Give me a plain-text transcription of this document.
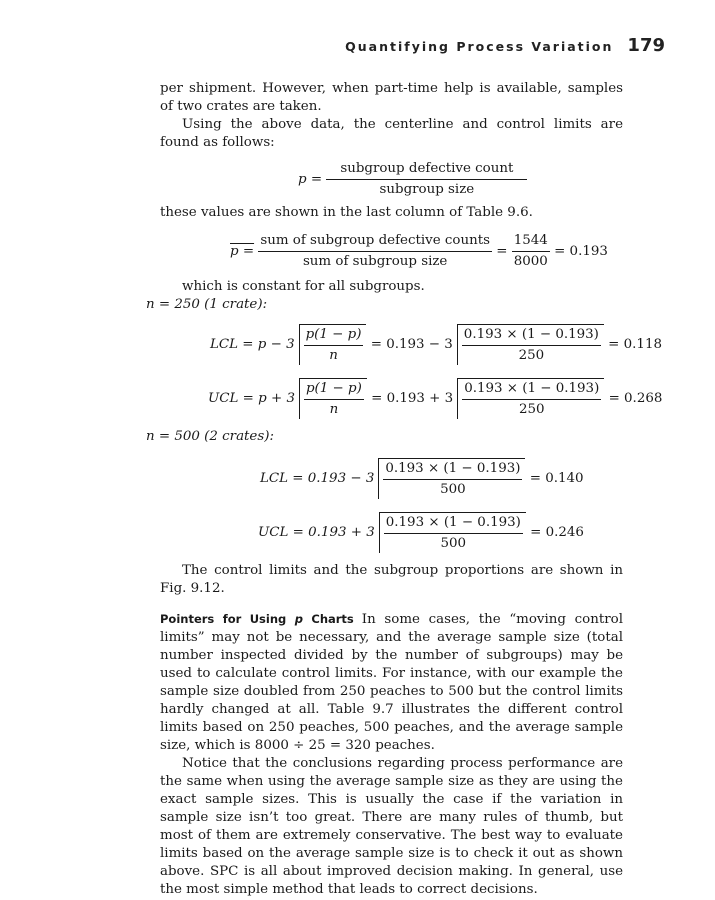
Quantifying Process Variation 179

per shipment. However, when part-time help is available, samples of two crates are taken.

Using the above data, the centerline and control limits are found as follows:

$p = \frac{\text{subgroup defective count}}{\text{subgroup size}}$

these values are shown in the last column of Table 9.6.

$p = \frac{\text{sum of subgroup defective counts}}{\text{sum of subgroup size}} = \frac{1544}{8000} = 0.193$

which is constant for all subgroups.

n = 250 (1 crate):

LCL = $p - 3 \frac{p(1 - p)}{n} = 0.193 - 3 \frac{0.193 \times (1 - 0.193)}{250} = 0.118$
UCL = $p + 3 \frac{p(1 - p)}{n} = 0.193 + 3 \frac{0.193 \times (1 - 0.193)}{250} = 0.268$

n = 500 (2 crates):

LCL = $0.193 - 3 \frac{0.193 \times (1 - 0.193)}{500} = 0.140$
UCL = $0.193 + 3 \frac{0.193 \times (1 - 0.193)}{500} = 0.246$

The control limits and the subgroup proportions are shown in Fig. 9.12.

Pointers for Using p Charts In some cases, the “moving control limits” may not be necessary, and the average sample size (total number inspected divided by the number of subgroups) may be used to calculate control limits. For instance, with our example the sample size doubled from 250 peaches to 500 but the control limits hardly changed at all. Table 9.7 illustrates the different control limits based on 250 peaches, 500 peaches, and the average sample size, which is 8000 ÷ 25 = 320 peaches.

Notice that the conclusions regarding process performance are the same when using the average sample size as they are using the exact sample sizes. This is usually the case if the variation in sample size isn’t too great. There are many rules of thumb, but most of them are extremely conservative. The best way to evaluate limits based on the average sample size is to check it out as shown above. SPC is all about improved decision making. In general, use the most simple method that leads to correct decisions.
